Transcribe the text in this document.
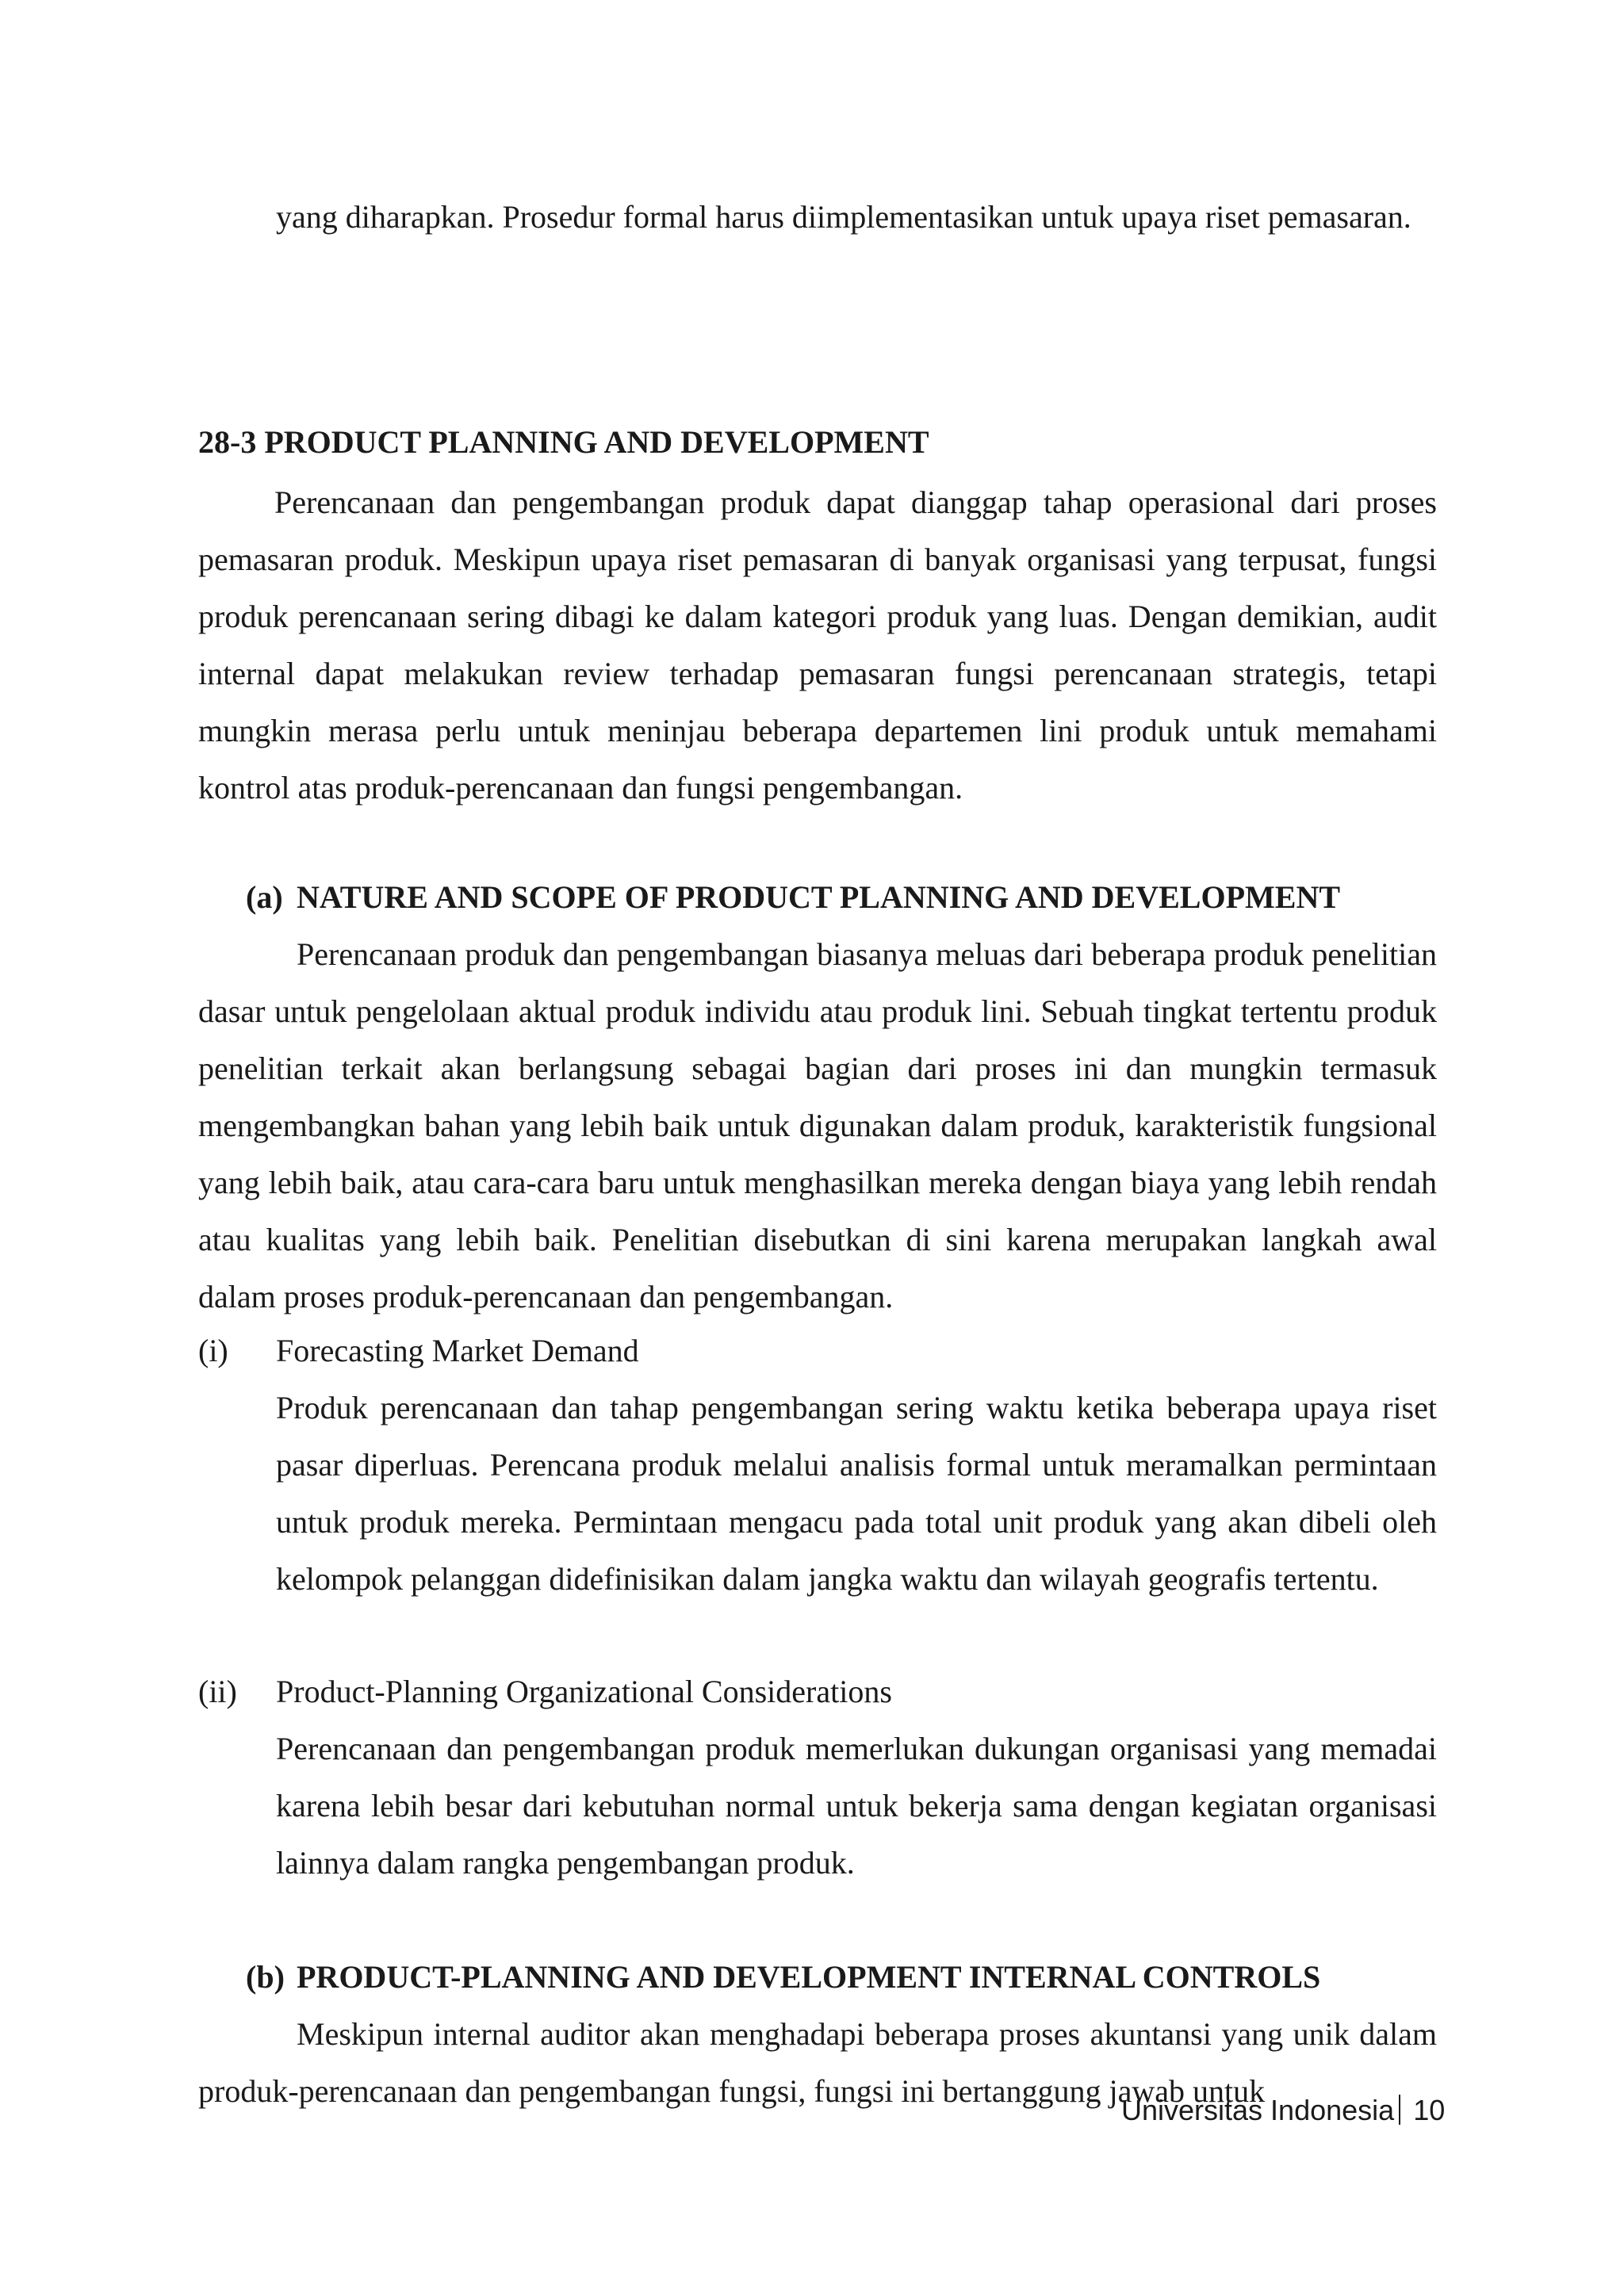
yang diharapkan. Prosedur formal harus diimplementasikan untuk upaya riset pemasaran.

28-3 PRODUCT PLANNING AND DEVELOPMENT

Perencanaan dan pengembangan produk dapat dianggap tahap operasional dari proses pemasaran produk. Meskipun upaya riset pemasaran di banyak organisasi yang terpusat, fungsi produk perencanaan sering dibagi ke dalam kategori produk yang luas. Dengan demikian, audit internal dapat melakukan review terhadap pemasaran fungsi perencanaan strategis, tetapi mungkin merasa perlu untuk meninjau beberapa departemen lini produk untuk memahami kontrol atas produk-perencanaan dan fungsi pengembangan.

(a) NATURE AND SCOPE OF PRODUCT PLANNING AND DEVELOPMENT

Perencanaan produk dan pengembangan biasanya meluas dari beberapa produk penelitian dasar untuk pengelolaan aktual produk individu atau produk lini. Sebuah tingkat tertentu produk penelitian terkait akan berlangsung sebagai bagian dari proses ini dan mungkin termasuk mengembangkan bahan yang lebih baik untuk digunakan dalam produk, karakteristik fungsional yang lebih baik, atau cara-cara baru untuk menghasilkan mereka dengan biaya yang lebih rendah atau kualitas yang lebih baik. Penelitian disebutkan di sini karena merupakan langkah awal dalam proses produk-perencanaan dan pengembangan.

(i) Forecasting Market Demand

Produk perencanaan dan tahap pengembangan sering waktu ketika beberapa upaya riset pasar diperluas. Perencana produk melalui analisis formal untuk meramalkan permintaan untuk produk mereka. Permintaan mengacu pada total unit produk yang akan dibeli oleh kelompok pelanggan didefinisikan dalam jangka waktu dan wilayah geografis tertentu.

(ii) Product-Planning Organizational Considerations

Perencanaan dan pengembangan produk memerlukan dukungan organisasi yang memadai karena lebih besar dari kebutuhan normal untuk bekerja sama dengan kegiatan organisasi lainnya dalam rangka pengembangan produk.

(b) PRODUCT-PLANNING AND DEVELOPMENT INTERNAL CONTROLS

Meskipun internal auditor akan menghadapi beberapa proses akuntansi yang unik dalam produk-perencanaan dan pengembangan fungsi, fungsi ini bertanggung jawab untuk

Universitas Indonesia 10
